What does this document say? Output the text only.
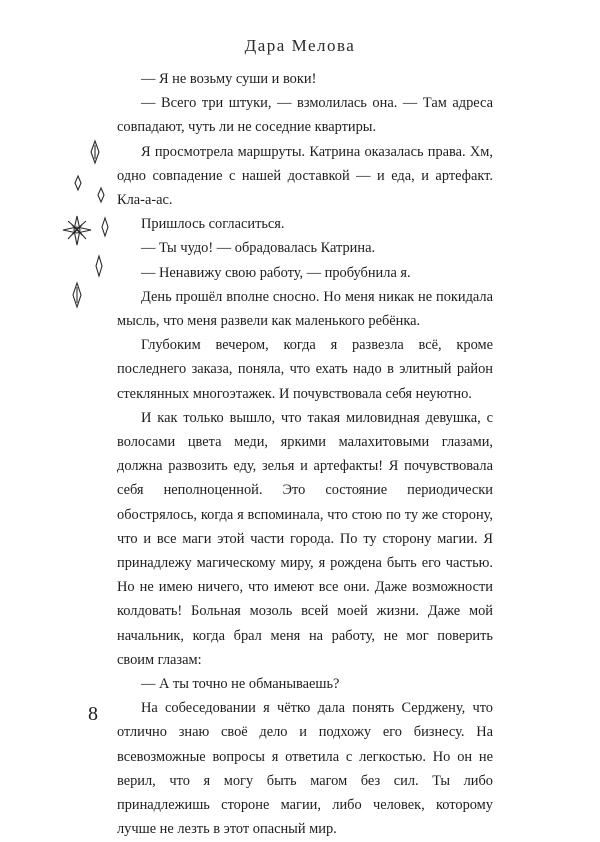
Дара Мелова

— Я не возьму суши и воки!

— Всего три штуки, — взмолилась она. — Там адреса совпадают, чуть ли не соседние квартиры.

Я просмотрела маршруты. Катрина оказалась права. Хм, одно совпадение с нашей доставкой — и еда, и артефакт. Кла-а-ас.

Пришлось согласиться.

— Ты чудо! — обрадовалась Катрина.

— Ненавижу свою работу, — пробубнила я.

День прошёл вполне сносно. Но меня никак не покидала мысль, что меня развели как маленького ребёнка.

Глубоким вечером, когда я развезла всё, кроме последнего заказа, поняла, что ехать надо в элитный район стеклянных многоэтажек. И почувствовала себя неуютно.

И как только вышло, что такая миловидная девушка, с волосами цвета меди, яркими малахитовыми глазами, должна развозить еду, зелья и артефакты! Я почувствовала себя неполноценной. Это состояние периодически обострялось, когда я вспоминала, что стою по ту же сторону, что и все маги этой части города. По ту сторону магии. Я принадлежу магическому миру, я рождена быть его частью. Но не имею ничего, что имеют все они. Даже возможности колдовать! Больная мозоль всей моей жизни. Даже мой начальник, когда брал меня на работу, не мог поверить своим глазам:

— А ты точно не обманываешь?

На собеседовании я чётко дала понять Серджену, что отлично знаю своё дело и подхожу его бизнесу. На всевозможные вопросы я ответила с легкостью. Но он не верил, что я могу быть магом без сил. Ты либо принадлежишь стороне магии, либо человек, которому лучше не лезть в этот опасный мир.

8
